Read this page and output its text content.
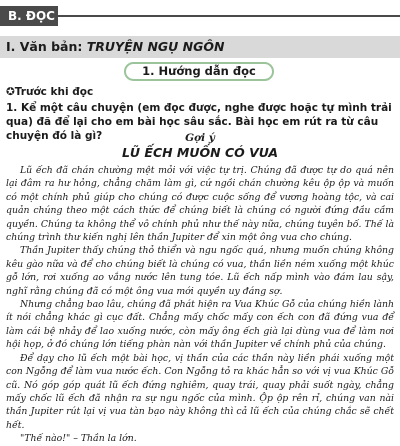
B. ĐỌC
I. Văn bản: TRUYỆN NGỤ NGÔN
1. Hướng dẫn đọc
✪Trước khi đọc
1. Kể một câu chuyện (em đọc được, nghe được hoặc tự mình trải qua) đã để lại cho em bài học sâu sắc. Bài học em rút ra từ câu chuyện đó là gì?	Gợi ý
LŨ ẾCH MUỐN CÓ VUA

Lũ ếch đã chán chường mệt mỏi với việc tự trị. Chúng đã được tự do quá nên lại đâm ra hư hỏng, chẳng chăm làm gì, cứ ngồi chán chường kêu ộp ộp và muốn có một chính phủ giúp cho chúng có được cuộc sống để vương hoàng tộc, và cai quản chúng theo một cách thức để chúng biết là chúng có người đứng đầu cầm quyền. Chúng ta không thể vô chính phủ như thế này nữa, chúng tuyên bố. Thế là chúng trình thư kiến nghị lên thần Jupiter để xin một ông vua cho chúng.

Thần Jupiter thấy chúng thỏ thiển và ngu ngốc quá, nhưng muốn chúng không kêu gào nữa và để cho chúng biết là chúng có vua, thần liền ném xuống một khúc gỗ lớn, rơi xuống ao vắng nước lên tung tóe. Lũ ếch nấp mình vào đám lau sậy, nghĩ rằng chúng đã có một ông vua mới quyền uy đáng sợ.

Nhưng chẳng bao lâu, chúng đã phát hiện ra Vua Khúc Gỗ của chúng hiền lành ít nói chẳng khác gì cục đất. Chẳng mấy chốc mấy con ếch con đã đứng vua để làm cái bệ nhảy để lao xuống nước, còn mấy ông ếch già lại dùng vua để làm nơi hội họp, ở đó chúng lớn tiếng phàn nàn với thần Jupiter về chính phủ của chúng.

Để dạy cho lũ ếch một bài học, vị thần của các thần này liền phái xuống một con Ngỗng để làm vua nước ếch. Con Ngỗng tỏ ra khác hẳn so với vị vua Khúc Gỗ cũ. Nó góp góp quát lũ ếch đứng nghiêm, quay trái, quay phải suốt ngày, chẳng mấy chốc lũ ếch đã nhận ra sự ngu ngốc của mình. Ộp ộp rên rỉ, chúng van nài thần Jupiter rút lại vị vua tàn bạo này không thì cả lũ ếch của chúng chắc sẽ chết hết.

"Thế nào!" – Thần la lớn.
